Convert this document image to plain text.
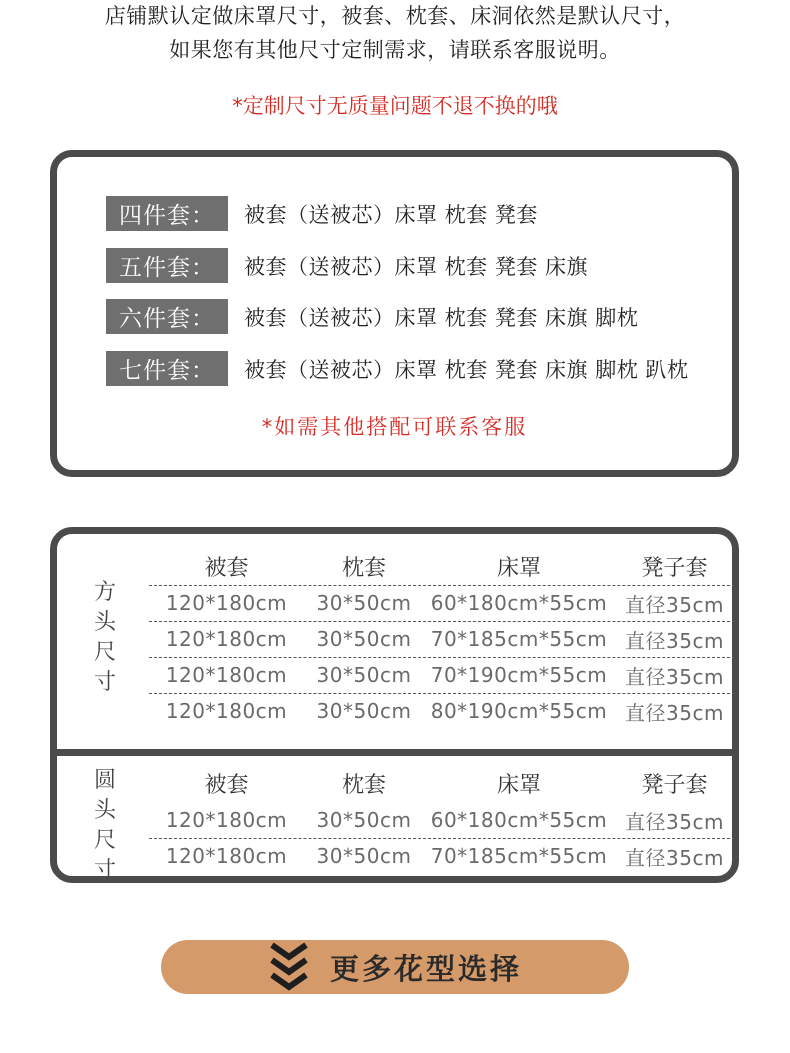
店铺默认定做床罩尺寸，被套、枕套、床洞依然是默认尺寸，
如果您有其他尺寸定制需求，请联系客服说明。
*定制尺寸无质量问题不退不换的哦
四件套：	被套（送被芯）床罩 枕套 凳套
五件套：	被套（送被芯）床罩 枕套 凳套 床旗
六件套：	被套（送被芯）床罩 枕套 凳套 床旗 脚枕
七件套：	被套（送被芯）床罩 枕套 凳套 床旗 脚枕 趴枕
*如需其他搭配可联系客服
方
头
尺
寸
被套	枕套	床罩	凳子套
120*180cm	30*50cm 60*180cm*55cm 直径35cm
120*180cm	30*50cm 70*185cm*55cm 直径35cm
120*180cm	30*50cm 70*190cm*55cm 直径35cm
120*180cm	30*50cm 80*190cm*55cm 直径35cm
圆
头
尺
寸
被套	枕套	床罩	凳子套
120*180cm	30*50cm 60*180cm*55cm 直径35cm
120*180cm	30*50cm 70*185cm*55cm 直径35cm
更多花型选择
